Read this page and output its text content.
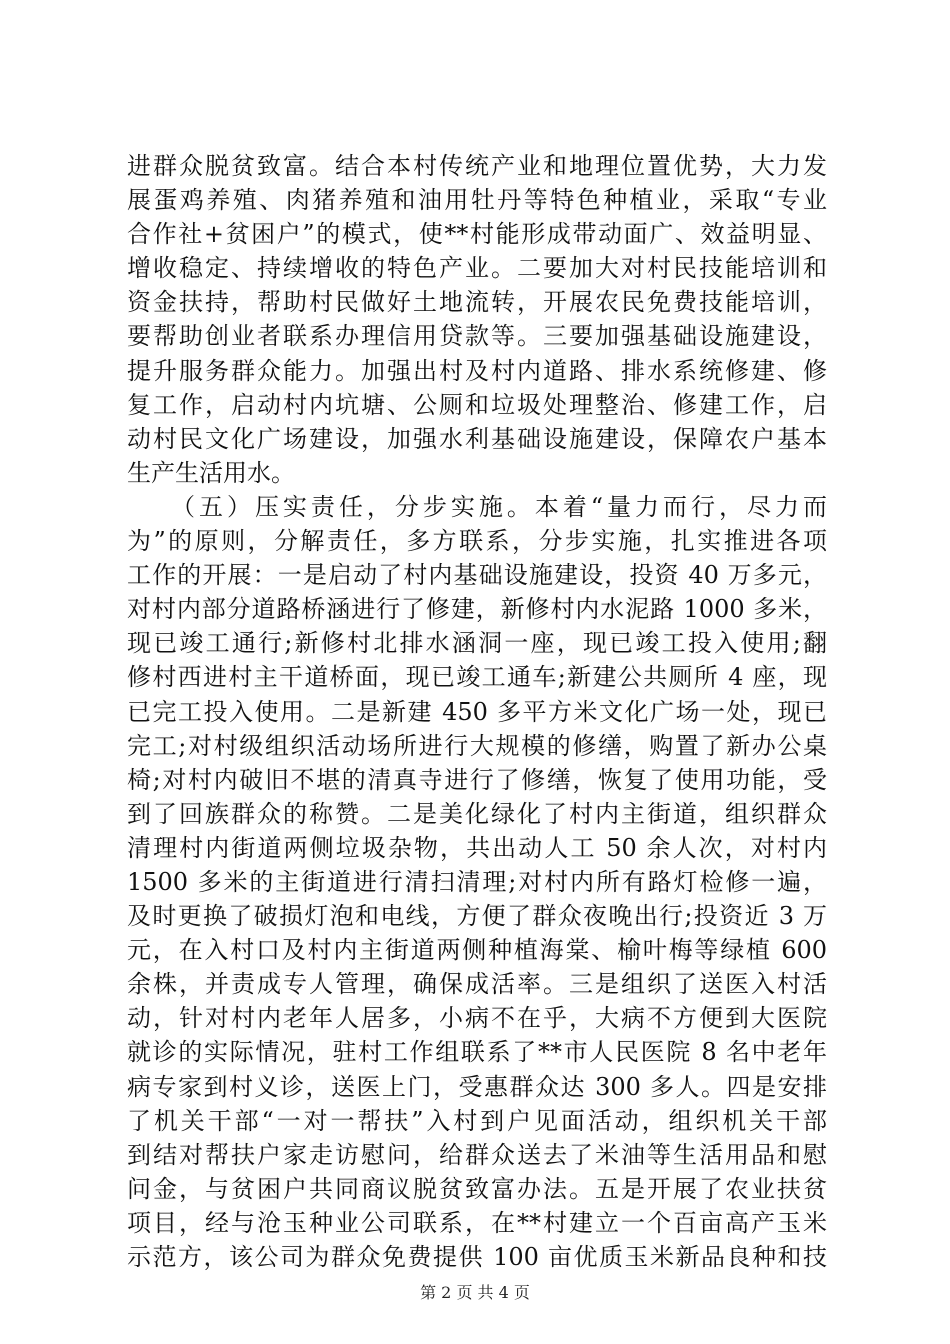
进群众脱贫致富。结合本村传统产业和地理位置优势，大力发
展蛋鸡养殖、肉猪养殖和油用牡丹等特色种植业，采取“专业
合作社+贫困户”的模式，使**村能形成带动面广、效益明显、
增收稳定、持续增收的特色产业。二要加大对村民技能培训和
资金扶持，帮助村民做好土地流转，开展农民免费技能培训，
要帮助创业者联系办理信用贷款等。三要加强基础设施建设，
提升服务群众能力。加强出村及村内道路、排水系统修建、修
复工作，启动村内坑塘、公厕和垃圾处理整治、修建工作，启
动村民文化广场建设，加强水利基础设施建设，保障农户基本
生产生活用水。
　　（五）压实责任，分步实施。本着“量力而行，尽力而
为”的原则，分解责任，多方联系，分步实施，扎实推进各项
工作的开展：一是启动了村内基础设施建设，投资 40 万多元，
对村内部分道路桥涵进行了修建，新修村内水泥路 1000 多米，
现已竣工通行;新修村北排水涵洞一座，现已竣工投入使用;翻
修村西进村主干道桥面，现已竣工通车;新建公共厕所 4 座，现
已完工投入使用。二是新建 450 多平方米文化广场一处，现已
完工;对村级组织活动场所进行大规模的修缮，购置了新办公桌
椅;对村内破旧不堪的清真寺进行了修缮，恢复了使用功能，受
到了回族群众的称赞。二是美化绿化了村内主街道，组织群众
清理村内街道两侧垃圾杂物，共出动人工 50 余人次，对村内
1500 多米的主街道进行清扫清理;对村内所有路灯检修一遍，
及时更换了破损灯泡和电线，方便了群众夜晚出行;投资近 3 万
元，在入村口及村内主街道两侧种植海棠、榆叶梅等绿植 600
余株，并责成专人管理，确保成活率。三是组织了送医入村活
动，针对村内老年人居多，小病不在乎，大病不方便到大医院
就诊的实际情况，驻村工作组联系了**市人民医院 8 名中老年
病专家到村义诊，送医上门，受惠群众达 300 多人。四是安排
了机关干部“一对一帮扶”入村到户见面活动，组织机关干部
到结对帮扶户家走访慰问，给群众送去了米油等生活用品和慰
问金，与贫困户共同商议脱贫致富办法。五是开展了农业扶贫
项目，经与沧玉种业公司联系，在**村建立一个百亩高产玉米
示范方，该公司为群众免费提供 100 亩优质玉米新品良种和技
第 2 页 共 4 页
